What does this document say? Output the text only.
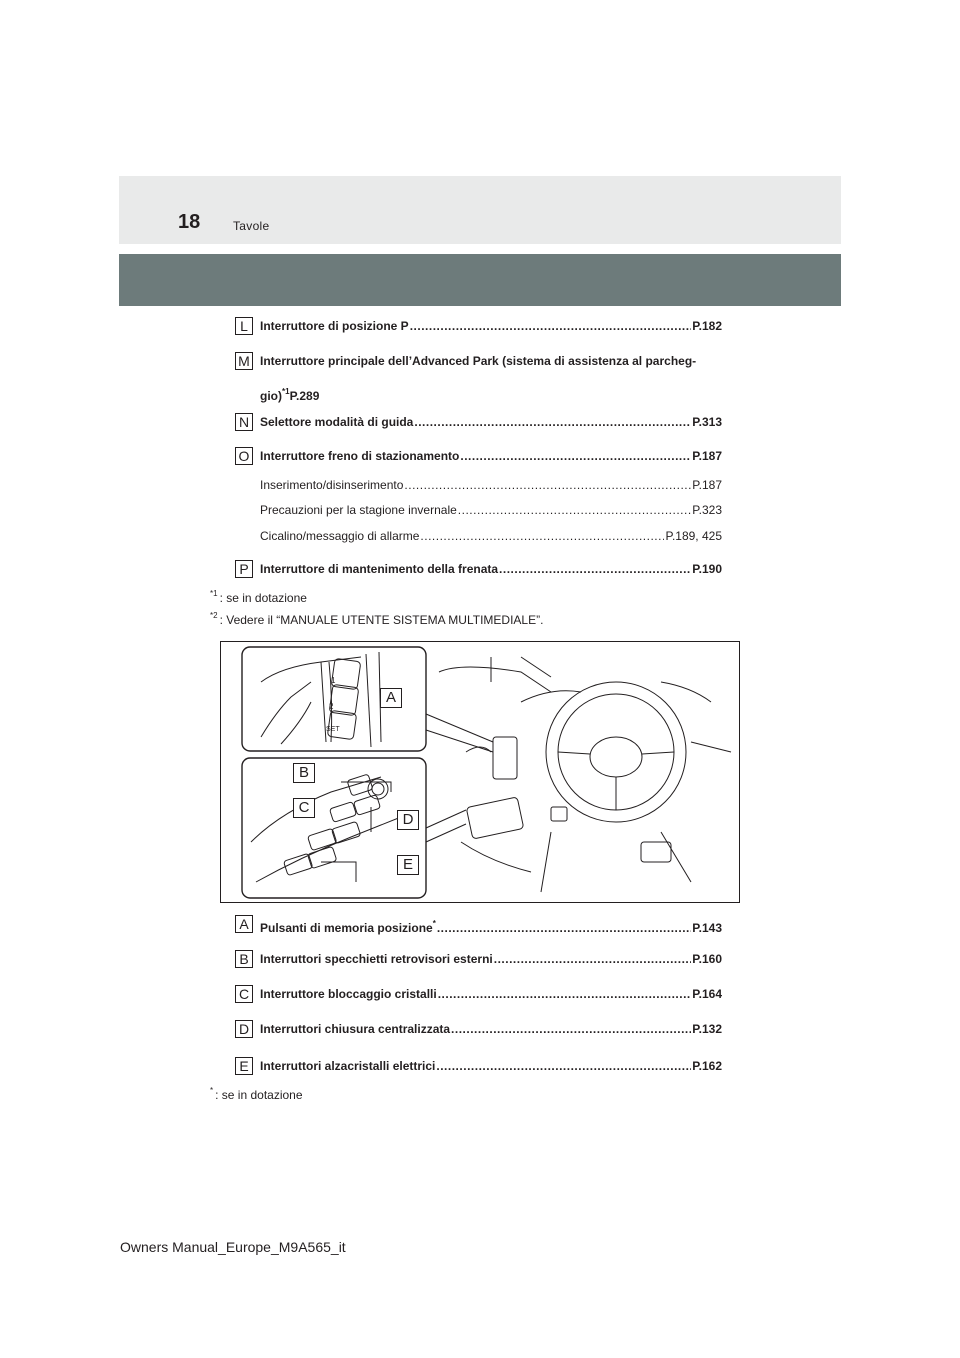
18	Tavole
L	Interruttore di posizione P .....	P.182
M Interruttore principale dell’Advanced Park (sistema di assistenza al parcheg-
gio)$^{*1}$P.289
N Selettore modalità di guida .....	P.313
O Interruttore freno di stazionamento .....	P.187
Inserimento/disinserimento .....	P.187
Precauzioni per la stagione invernale .....	P.323
Cicalino/messaggio di allarme .....	P.189, 425
P Interruttore di mantenimento della frenata .....	P.190
$^{*1}$ : se in dotazione
$^{*2}$ : Vedere il “MANUALE UTENTE SISTEMA MULTIMEDIALE”.
1
2
SET
A
B
C
D
E
A Pulsanti di memoria posizione* .....	P.143
B Interruttori specchietti retrovisori esterni .....	P.160
C Interruttore bloccaggio cristalli .....	P.164
D Interruttori chiusura centralizzata .....	P.132
E Interruttori alzacristalli elettrici .....	P.162
* : se in dotazione
Owners Manual_Europe_M9A565_it
